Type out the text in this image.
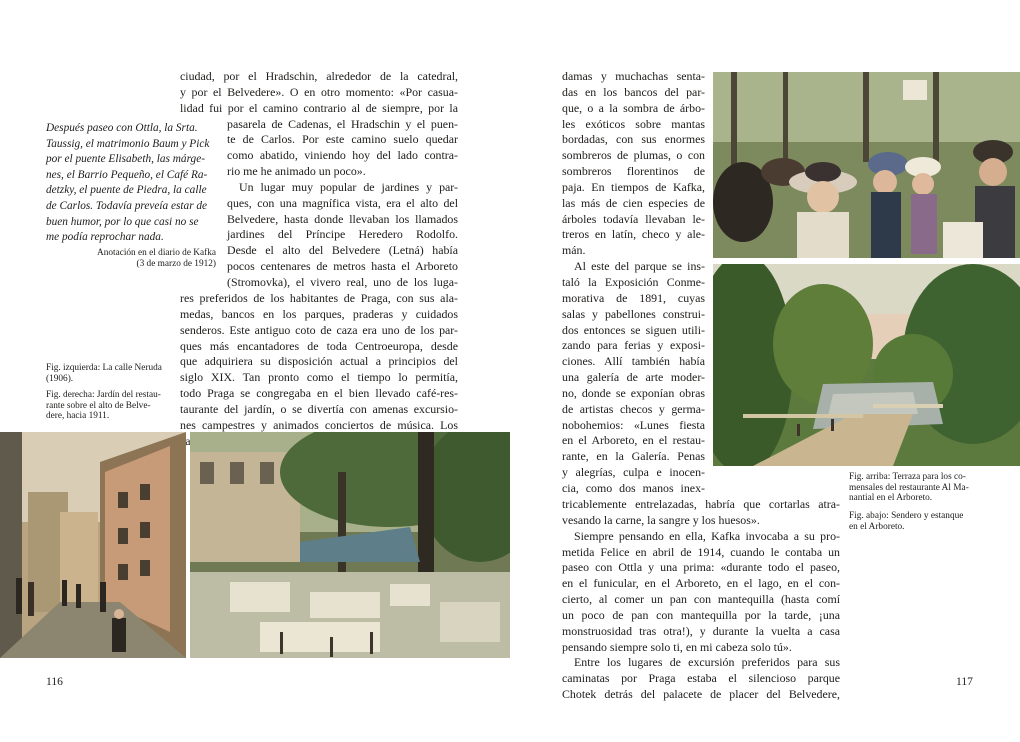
Después paseo con Ottla, la Srta.
Taussig, el matrimonio Baum y Pick
por el puente Elisabeth, las márge-
nes, el Barrio Pequeño, el Café Ra-
detzky, el puente de Piedra, la calle
de Carlos. Todavía preveía estar de
buen humor, por lo que casi no se
me podía reprochar nada.
Anotación en el diario de Kafka
(3 de marzo de 1912)
ciudad, por el Hradschin, alrededor de la catedral,
y por el Belvedere». O en otro momento: «Por casua-
lidad fui por el camino contrario al de siempre, por la
pasarela de Cadenas, el Hradschin y el puen-
te de Carlos. Por este camino suelo quedar
como abatido, viniendo hoy del lado contra-
rio me he animado un poco».
Un lugar muy popular de jardines y par-
ques, con una magnífica vista, era el alto del
Belvedere, hasta donde llevaban los llamados
jardines del Príncipe Heredero Rodolfo.
Desde el alto del Belvedere (Letná) había
pocos centenares de metros hasta el Arboreto
(Stromovka), el vivero real, uno de los luga-
res preferidos de los habitantes de Praga, con sus ala-
medas, bancos en los parques, praderas y cuidados
senderos. Este antiguo coto de caza era uno de los par-
ques más encantadores de toda Centroeuropa, desde
que adquiriera su disposición actual a principios del
siglo XIX. Tan pronto como el tiempo lo permitía,
todo Praga se congregaba en el bien llevado café-res-
taurante del jardín, o se divertía con amenas excursio-
nes campestres y animados conciertos de música. Los
Fig. izquierda: La calle Neruda
(1906).
Fig. derecha: Jardín del restau-
rante sobre el alto de Belve-
dere, hacia 1911.
116
damas y muchachas senta-
das en los bancos del par-
que, o a la sombra de árbo-
les exóticos sobre mantas
bordadas, con sus enormes
sombreros de plumas, o con
sombreros florentinos de
paja. En tiempos de Kafka,
las más de cien especies de
árboles todavía llevaban le-
treros en latín, checo y ale-
mán.
Al este del parque se ins-
taló la Exposición Conme-
morativa de 1891, cuyas
salas y pabellones construi-
dos entonces se siguen utili-
zando para ferias y exposi-
ciones. Allí también había
una galería de arte moder-
no, donde se exponían obras
de artistas checos y germa-
nobohemios: «Lunes fiesta
en el Arboreto, en el restau-
rante, en la Galería. Penas
y alegrías, culpa e inocen-
cia, como dos manos inex-
tricablemente entrelazadas, habría que cortarlas atra-
vesando la carne, la sangre y los huesos».
Siempre pensando en ella, Kafka invocaba a su pro-
metida Felice en abril de 1914, cuando le contaba un
paseo con Ottla y una prima: «durante todo el paseo,
en el funicular, en el Arboreto, en el lago, en el con-
cierto, al comer un pan con mantequilla (hasta comí
un poco de pan con mantequilla por la tarde, ¡una
monstruosidad tras otra!), y durante la vuelta a casa
pensando siempre solo ti, en mi cabeza solo tú».
Entre los lugares de excursión preferidos para sus
caminatas por Praga estaba el silencioso parque
Chotek detrás del palacete de placer del Belvedere,
Fig. arriba: Terraza para los co-
mensales del restaurante Al Ma-
nantial en el Arboreto.
Fig. abajo: Sendero y estanque
en el Arboreto.
117
